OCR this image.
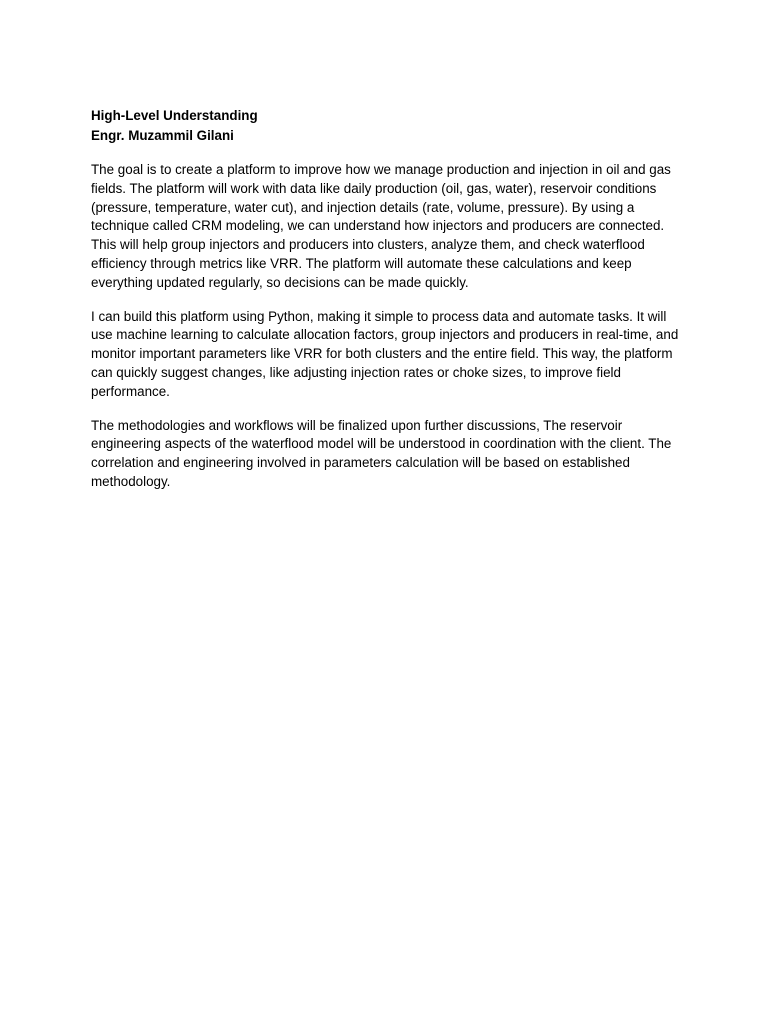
High-Level Understanding
Engr. Muzammil Gilani

The goal is to create a platform to improve how we manage production and injection in oil and gas fields. The platform will work with data like daily production (oil, gas, water), reservoir conditions (pressure, temperature, water cut), and injection details (rate, volume, pressure). By using a technique called CRM modeling, we can understand how injectors and producers are connected. This will help group injectors and producers into clusters, analyze them, and check waterflood efficiency through metrics like VRR. The platform will automate these calculations and keep everything updated regularly, so decisions can be made quickly.

I can build this platform using Python, making it simple to process data and automate tasks. It will use machine learning to calculate allocation factors, group injectors and producers in real-time, and monitor important parameters like VRR for both clusters and the entire field. This way, the platform can quickly suggest changes, like adjusting injection rates or choke sizes, to improve field performance.

The methodologies and workflows will be finalized upon further discussions, The reservoir engineering aspects of the waterflood model will be understood in coordination with the client. The correlation and engineering involved in parameters calculation will be based on established methodology.
